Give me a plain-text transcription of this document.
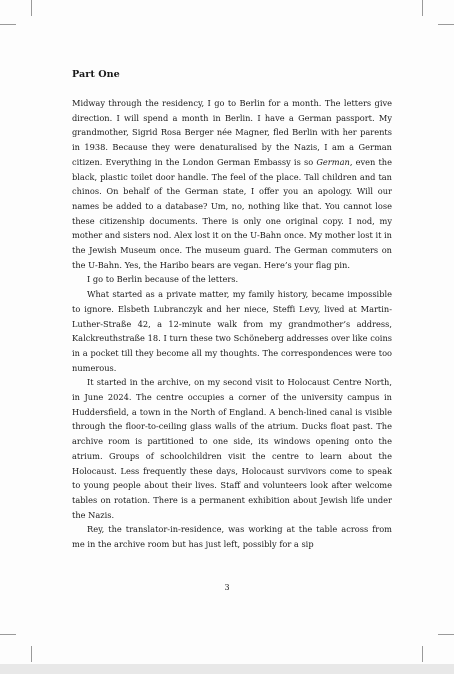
Part One

Midway through the residency, I go to Berlin for a month. The letters give direction. I will spend a month in Berlin. I have a German passport. My grandmother, Sigrid Rosa Berger née Magner, fled Berlin with her parents in 1938. Because they were denaturalised by the Nazis, I am a German citizen. Everything in the London German Embassy is so German, even the black, plastic toilet door handle. The feel of the place. Tall children and tan chinos. On behalf of the German state, I offer you an apology. Will our names be added to a database? Um, no, nothing like that. You cannot lose these citizenship documents. There is only one original copy. I nod, my mother and sisters nod. Alex lost it on the U-Bahn once. My mother lost it in the Jewish Museum once. The museum guard. The German commuters on the U-Bahn. Yes, the Haribo bears are vegan. Here’s your flag pin.

I go to Berlin because of the letters.

What started as a private matter, my family history, became impossible to ignore. Elsbeth Lubranczyk and her niece, Steffi Levy, lived at Martin-Luther-Straße 42, a 12-minute walk from my grandmother’s address, Kalckreuthstraße 18. I turn these two Schöneberg addresses over like coins in a pocket till they become all my thoughts. The correspondences were too numerous.

It started in the archive, on my second visit to Holocaust Centre North, in June 2024. The centre occupies a corner of the university campus in Huddersfield, a town in the North of England. A bench-lined canal is visible through the floor-to-ceiling glass walls of the atrium. Ducks float past. The archive room is partitioned to one side, its windows opening onto the atrium. Groups of schoolchildren visit the centre to learn about the Holocaust. Less frequently these days, Holocaust survivors come to speak to young people about their lives. Staff and volunteers look after welcome tables on rotation. There is a permanent exhibition about Jewish life under the Nazis.

Rey, the translator-in-residence, was working at the table across from me in the archive room but has just left, possibly for a sip

3
